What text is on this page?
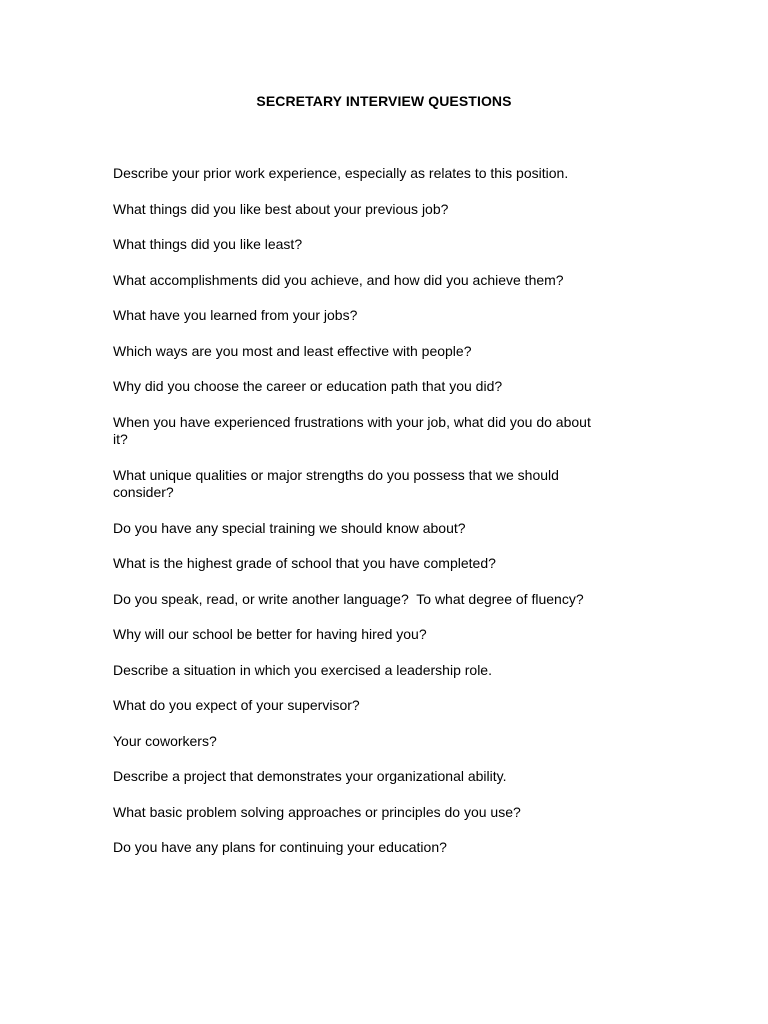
SECRETARY INTERVIEW QUESTIONS
Describe your prior work experience, especially as relates to this position.
What things did you like best about your previous job?
What things did you like least?
What accomplishments did you achieve, and how did you achieve them?
What have you learned from your jobs?
Which ways are you most and least effective with people?
Why did you choose the career or education path that you did?
When you have experienced frustrations with your job, what did you do about it?
What unique qualities or major strengths do you possess that we should consider?
Do you have any special training we should know about?
What is the highest grade of school that you have completed?
Do you speak, read, or write another language?  To what degree of fluency?
Why will our school be better for having hired you?
Describe a situation in which you exercised a leadership role.
What do you expect of your supervisor?
Your coworkers?
Describe a project that demonstrates your organizational ability.
What basic problem solving approaches or principles do you use?
Do you have any plans for continuing your education?
